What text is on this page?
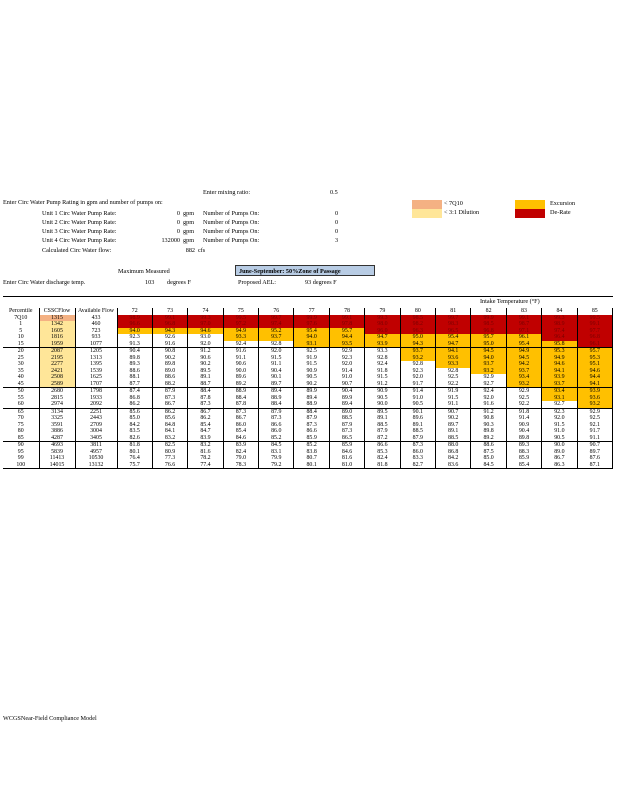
Enter mixing ratio:	0.5
Enter Circ Water Pump Rating in gpm and number of pumps on:
Unit 1 Circ Water Pump Rate:	0 gpm Number of Pumps On:	0
Unit 2 Circ Water Pump Rate:	0 gpm Number of Pumps On:	0
Unit 3 Circ Water Pump Rate:	0 gpm Number of Pumps On:	0
Unit 4 Circ Water Pump Rate:	132000 gpm Number of Pumps On:	3
Calculated Circ Water flow:	882 cfs
< 7Q10	Excursion
< 3:1 Dilution	De-Rate
Maximum Measured	June-September: 50%Zone of Passage
Enter Circ Water discharge temp.	103 degrees F	Proposed AEL:	93 degrees F
Intake Temperature (°F)
Percentile	CSSCFlow	Available Flow	72	73	74	75	76	77	78	79	80	81	82	83	84	85
7Q10	1315	433	98.9	99.1	99.3	99.5	99.7	99.9	99.1	99.3	98.5	99.7	99.9	99.1	99.3	99.5
1	1342	460	96.6	96.8	97.0	97.2	97.4	97.6	97.8	98.0	98.2	98.3	98.5	98.7	98.9	99.1
5	1605	723	94.0	94.3	94.6	94.9	95.2	95.4	95.7	96.0	96.3	96.5	96.8	97.1	97.4	97.7
10	1816	933	92.3	92.6	93.0	93.3	93.7	94.0	94.4	94.7	95.0	95.4	95.7	96.1	96.4	96.8
15	1959	1077	91.3	91.6	92.0	92.4	92.8	93.1	93.5	93.9	94.3	94.7	95.0	95.4	95.8	96.1
20	2087	1205	90.4	90.8	91.2	91.6	92.0	92.5	92.9	93.3	93.7	94.1	94.5	94.9	95.3	95.7
25	2195	1313	89.8	90.2	90.6	91.1	91.5	91.9	92.3	92.8	93.2	93.6	94.0	94.5	94.9	95.3
30	2277	1395	89.3	89.8	90.2	90.6	91.1	91.5	92.0	92.4	92.8	93.3	93.7	94.2	94.6	95.1
35	2421	1539	88.6	89.0	89.5	90.0	90.4	90.9	91.4	91.8	92.3	92.8	93.2	93.7	94.1	94.6
40	2508	1625	88.1	88.6	89.1	89.6	90.1	90.5	91.0	91.5	92.0	92.5	92.9	93.4	93.9	94.4
45	2589	1707	87.7	88.2	88.7	89.2	89.7	90.2	90.7	91.2	91.7	92.2	92.7	93.2	93.7	94.1
50	2680	1798	87.4	87.9	88.4	88.9	89.4	89.9	90.4	90.9	91.4	91.9	92.4	92.9	93.4	93.9
55	2815	1933	86.8	87.3	87.8	88.4	88.9	89.4	89.9	90.5	91.0	91.5	92.0	92.5	93.1	93.6
60	2974	2092	86.2	86.7	87.3	87.8	88.4	88.9	89.4	90.0	90.5	91.1	91.6	92.2	92.7	93.2
65	3134	2251	85.6	86.2	86.7	87.3	87.9	88.4	89.0	89.5	90.1	90.7	91.2	91.8	92.3	92.9
70	3325	2443	85.0	85.6	86.2	86.7	87.3	87.9	88.5	89.1	89.6	90.2	90.8	91.4	92.0	92.5
75	3591	2709	84.2	84.8	85.4	86.0	86.6	87.3	87.9	88.5	89.1	89.7	90.3	90.9	91.5	92.1
80	3886	3004	83.5	84.1	84.7	85.4	86.0	86.6	87.3	87.9	88.5	89.1	89.8	90.4	91.0	91.7
85	4287	3405	82.6	83.2	83.9	84.6	85.2	85.9	86.5	87.2	87.9	88.5	89.2	89.8	90.5	91.1
90	4693	3811	81.8	82.5	83.2	83.9	84.5	85.2	85.9	86.6	87.3	88.0	88.6	89.3	90.0	90.7
95	5839	4957	80.1	80.9	81.6	82.4	83.1	83.8	84.6	85.3	86.0	86.8	87.5	88.3	89.0	89.7
99	11413	10530	76.4	77.3	78.2	79.0	79.9	80.7	81.6	82.4	83.3	84.2	85.0	85.9	86.7	87.6
100	14015	13132	75.7	76.6	77.4	78.3	79.2	80.1	81.0	81.8	82.7	83.6	84.5	85.4	86.3	87.1
WCGSNear-Field Compliance Model
